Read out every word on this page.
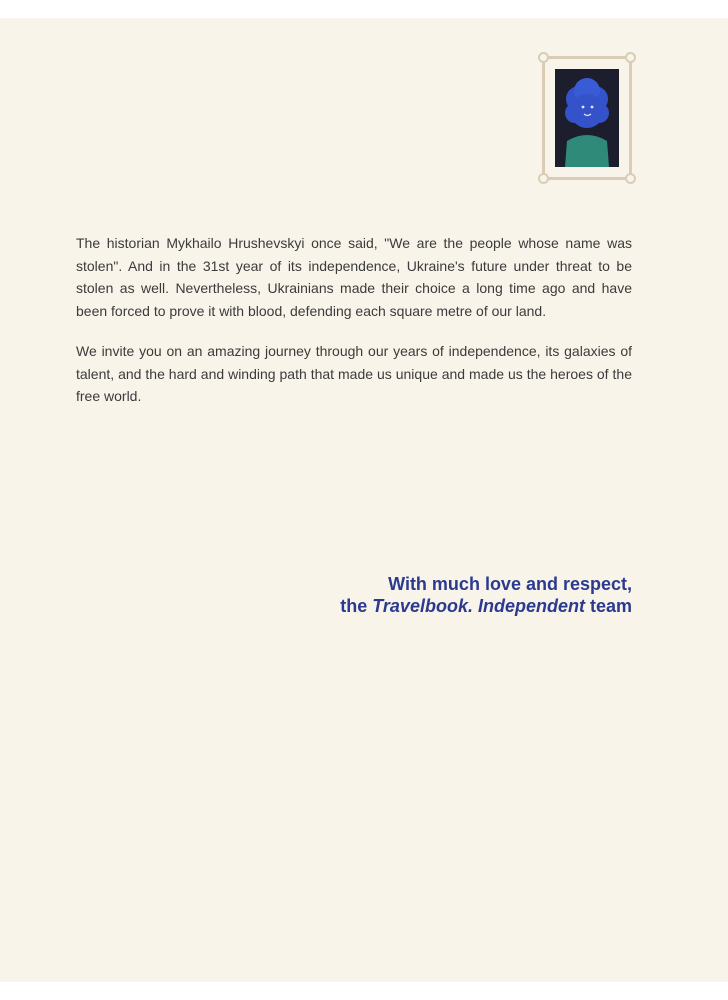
The historian Mykhailo Hrushevskyi once said, "We are the people whose name was stolen". And in the 31st year of its independence, Ukraine's future under threat to be stolen as well. Nevertheless, Ukrainians made their choice a long time ago and have been forced to prove it with blood, defending each square metre of our land.

We invite you on an amazing journey through our years of independence, its galaxies of talent, and the hard and winding path that made us unique and made us the heroes of the free world.

With much love and respect,
the Travelbook. Independent team
